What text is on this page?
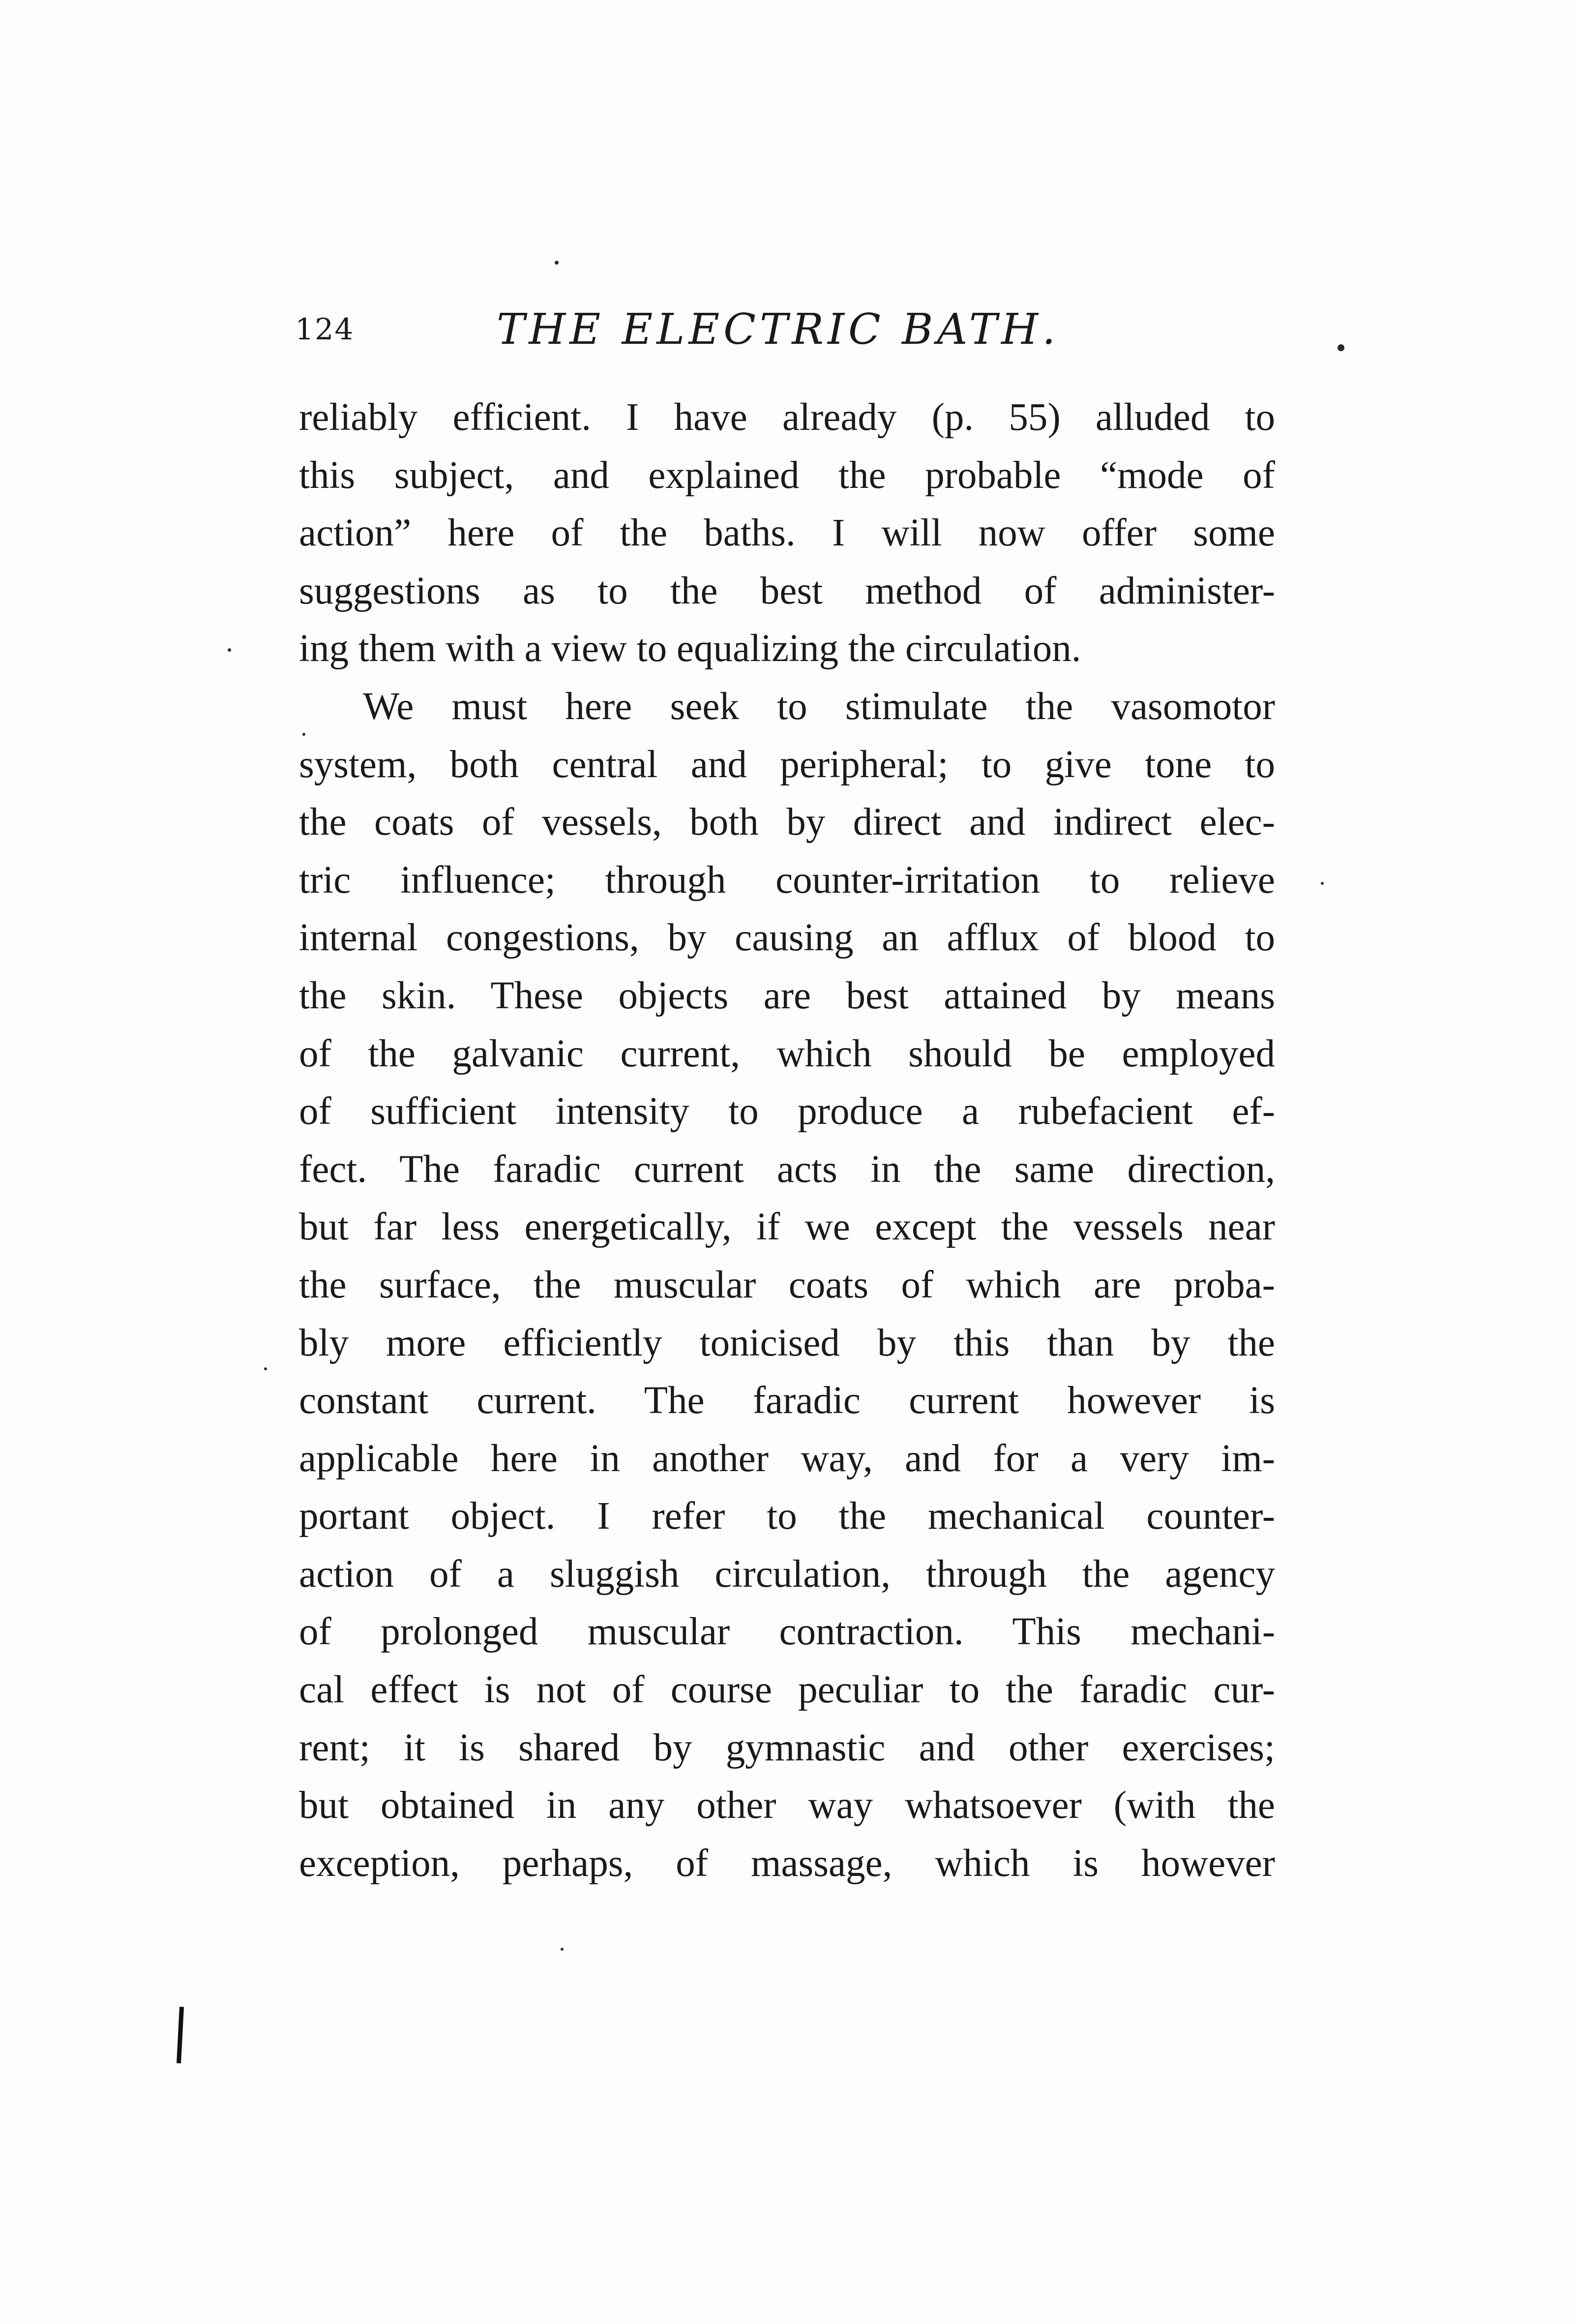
124	THE ELECTRIC BATH.
reliably efficient. I have already (p. 55) alluded to
this subject, and explained the probable “mode of
action” here of the baths. I will now offer some
suggestions as to the best method of administer-
ing them with a view to equalizing the circulation.
We must here seek to stimulate the vasomotor
system, both central and peripheral; to give tone to
the coats of vessels, both by direct and indirect elec-
tric influence; through counter-irritation to relieve
internal congestions, by causing an afflux of blood to
the skin. These objects are best attained by means
of the galvanic current, which should be employed
of sufficient intensity to produce a rubefacient ef-
fect. The faradic current acts in the same direction,
but far less energetically, if we except the vessels near
the surface, the muscular coats of which are proba-
bly more efficiently tonicised by this than by the
constant current. The faradic current however is
applicable here in another way, and for a very im-
portant object. I refer to the mechanical counter-
action of a sluggish circulation, through the agency
of prolonged muscular contraction. This mechani-
cal effect is not of course peculiar to the faradic cur-
rent; it is shared by gymnastic and other exercises;
but obtained in any other way whatsoever (with the
exception, perhaps, of massage, which is however
